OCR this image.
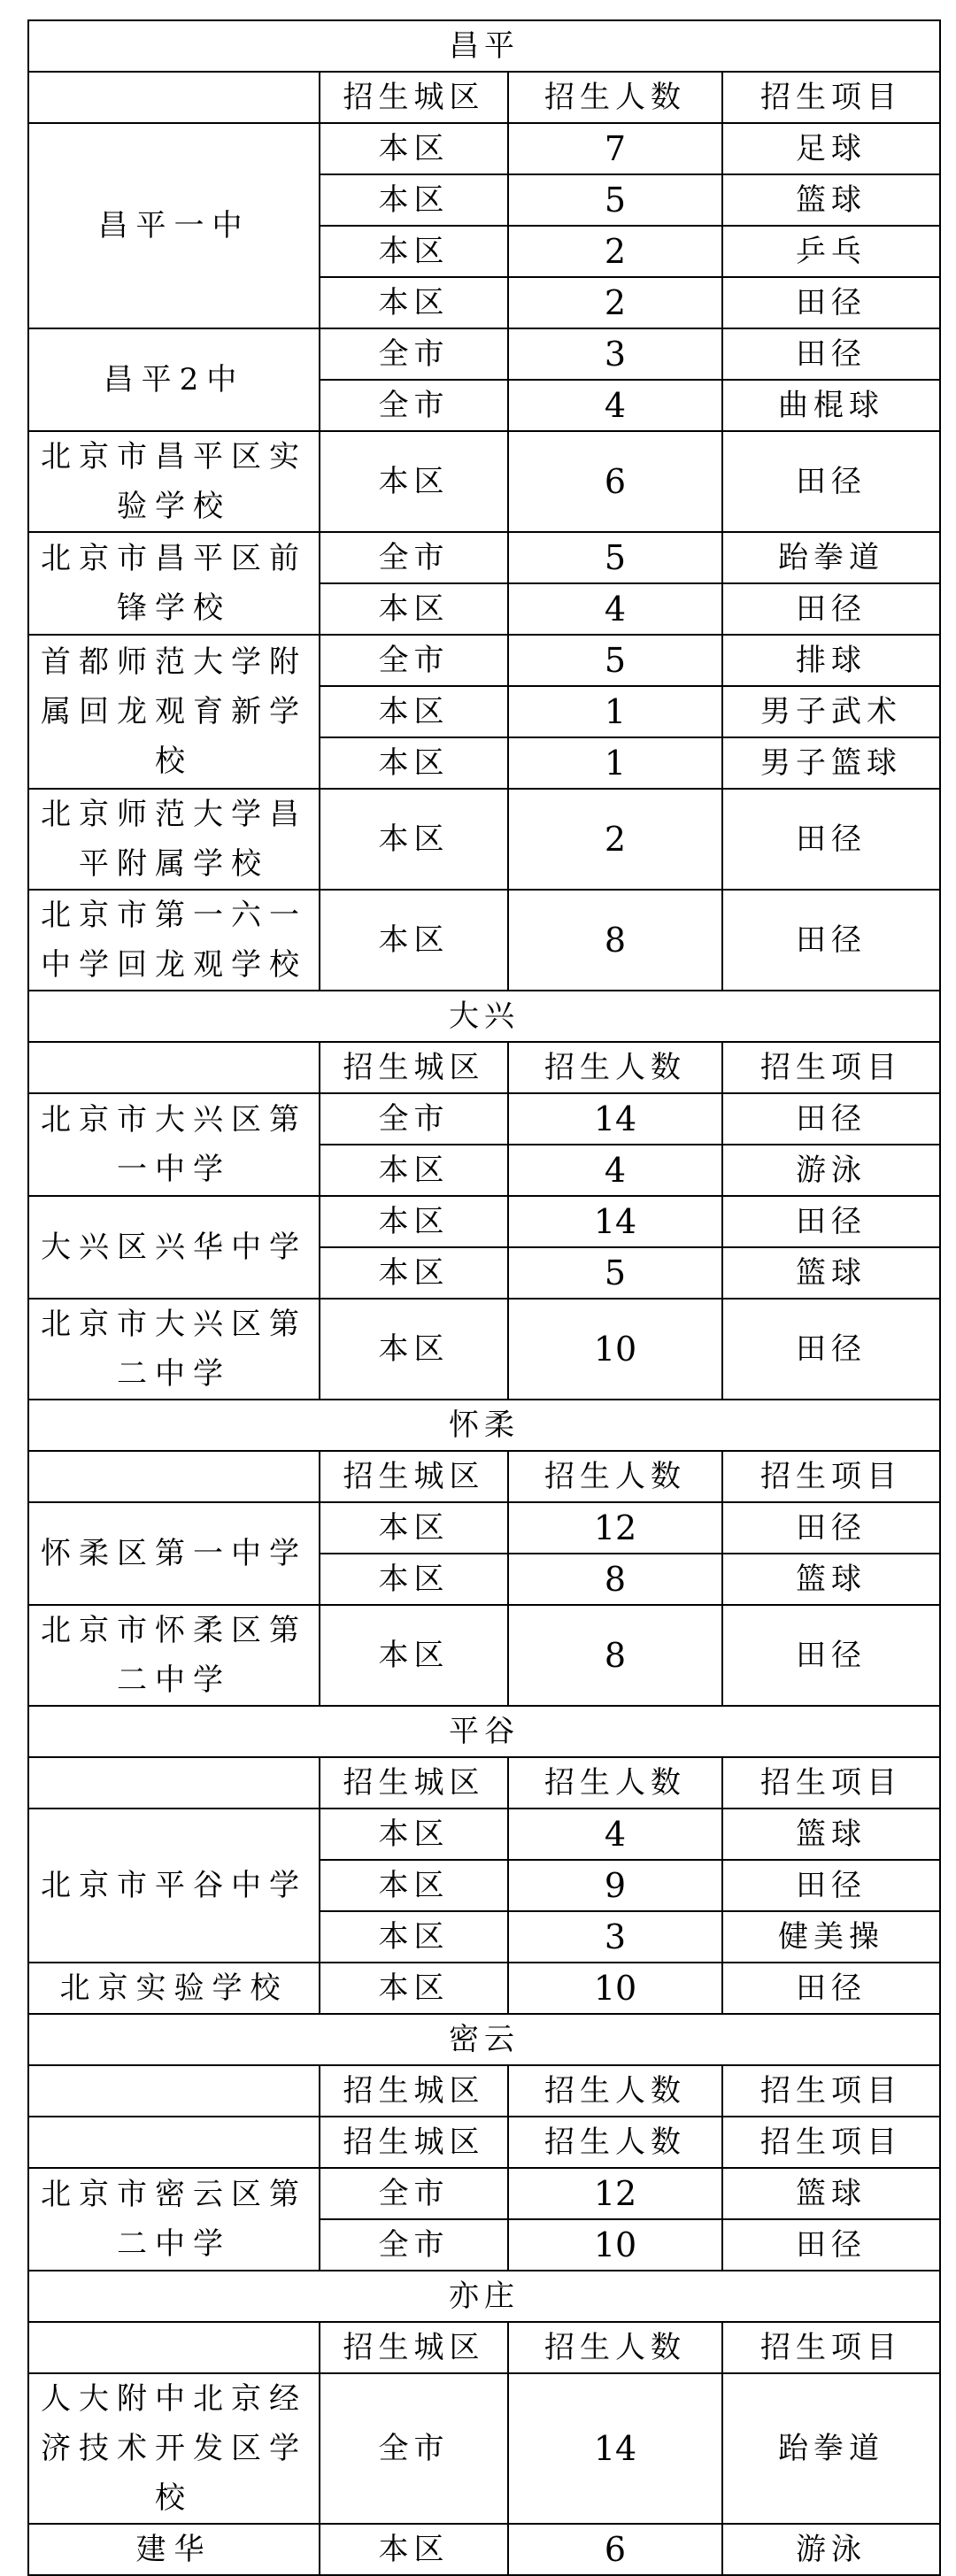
昌平			
	招生城区	招生人数	招生项目
昌平一中	本区	7	足球
	本区	5	篮球
	本区	2	乒乓
	本区	2	田径
昌平2中	全市	3	田径
	全市	4	曲棍球
北京市昌平区实验学校	本区	6	田径
北京市昌平区前锋学校	全市	5	跆拳道
	本区	4	田径
首都师范大学附属回龙观育新学校	全市	5	排球
	本区	1	男子武术
	本区	1	男子篮球
北京师范大学昌平附属学校	本区	2	田径
北京市第一六一中学回龙观学校	本区	8	田径
大兴			
	招生城区	招生人数	招生项目
北京市大兴区第一中学	全市	14	田径
	本区	4	游泳
大兴区兴华中学	本区	14	田径
	本区	5	篮球
北京市大兴区第二中学	本区	10	田径
怀柔			
	招生城区	招生人数	招生项目
怀柔区第一中学	本区	12	田径
	本区	8	篮球
北京市怀柔区第二中学	本区	8	田径
平谷			
	招生城区	招生人数	招生项目
北京市平谷中学	本区	4	篮球
	本区	9	田径
	本区	3	健美操
北京实验学校	本区	10	田径
密云			
	招生城区	招生人数	招生项目
	招生城区	招生人数	招生项目
北京市密云区第二中学	全市	12	篮球
	全市	10	田径
亦庄			
	招生城区	招生人数	招生项目
人大附中北京经济技术开发区学校	全市	14	跆拳道
建华	本区	6	游泳
